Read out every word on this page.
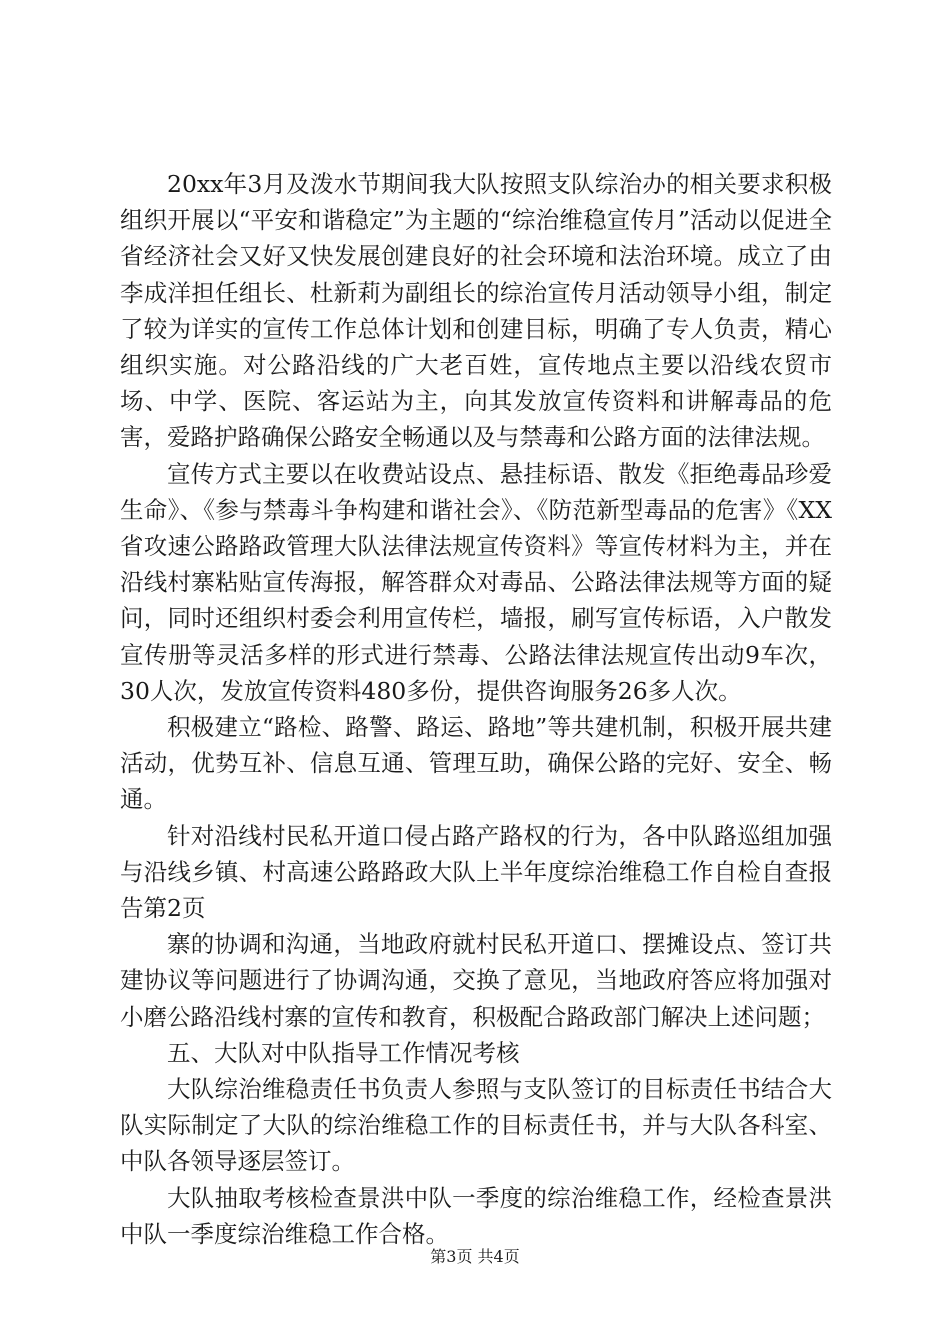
20xx年3月及泼水节期间我大队按照支队综治办的相关要求积极组织开展以“平安和谐稳定”为主题的“综治维稳宣传月”活动以促进全省经济社会又好又快发展创建良好的社会环境和法治环境。成立了由李成洋担任组长、杜新莉为副组长的综治宣传月活动领导小组，制定了较为详实的宣传工作总体计划和创建目标，明确了专人负责，精心组织实施。对公路沿线的广大老百姓，宣传地点主要以沿线农贸市场、中学、医院、客运站为主，向其发放宣传资料和讲解毒品的危害，爱路护路确保公路安全畅通以及与禁毒和公路方面的法律法规。

宣传方式主要以在收费站设点、悬挂标语、散发《拒绝毒品珍爱生命》、《参与禁毒斗争构建和谐社会》、《防范新型毒品的危害》《XX省攻速公路路政管理大队法律法规宣传资料》等宣传材料为主，并在沿线村寨粘贴宣传海报，解答群众对毒品、公路法律法规等方面的疑问，同时还组织村委会利用宣传栏，墙报，刷写宣传标语，入户散发宣传册等灵活多样的形式进行禁毒、公路法律法规宣传出动9车次，30人次，发放宣传资料480多份，提供咨询服务26多人次。

积极建立“路检、路警、路运、路地”等共建机制，积极开展共建活动，优势互补、信息互通、管理互助，确保公路的完好、安全、畅通。

针对沿线村民私开道口侵占路产路权的行为，各中队路巡组加强与沿线乡镇、村高速公路路政大队上半年度综治维稳工作自检自查报告第2页

寨的协调和沟通，当地政府就村民私开道口、摆摊设点、签订共建协议等问题进行了协调沟通，交换了意见，当地政府答应将加强对小磨公路沿线村寨的宣传和教育，积极配合路政部门解决上述问题；

五、大队对中队指导工作情况考核

大队综治维稳责任书负责人参照与支队签订的目标责任书结合大队实际制定了大队的综治维稳工作的目标责任书，并与大队各科室、中队各领导逐层签订。

大队抽取考核检查景洪中队一季度的综治维稳工作，经检查景洪中队一季度综治维稳工作合格。

第3页 共4页
